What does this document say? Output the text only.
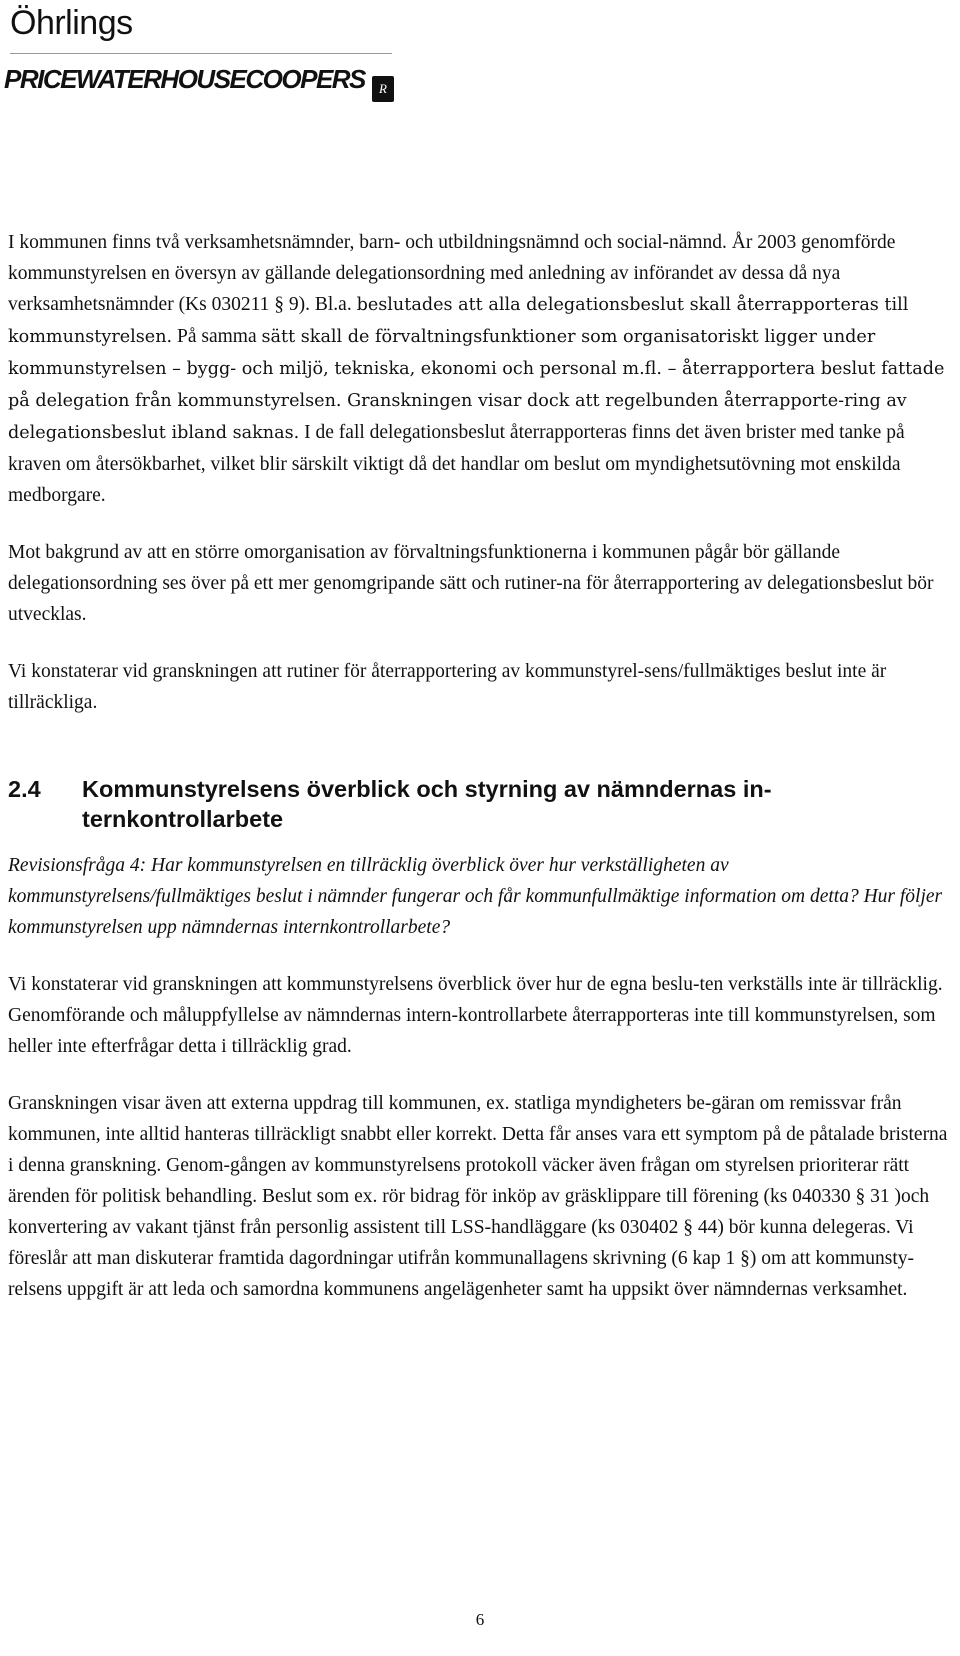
Öhrlings
PRICEWATERHOUSECOOPERS	R

I kommunen finns två verksamhetsnämnder, barn- och utbildningsnämnd och social-nämnd. År 2003 genomförde kommunstyrelsen en översyn av gällande delegationsordning med anledning av införandet av dessa då nya verksamhetsnämnder (Ks 030211 § 9). Bl.a. beslutades att alla delegationsbeslut skall återrapporteras till kommunstyrelsen. På samma sätt skall de förvaltningsfunktioner som organisatoriskt ligger under kommunstyrelsen – bygg- och miljö, tekniska, ekonomi och personal m.fl. – återrapportera beslut fattade på delegation från kommunstyrelsen. Granskningen visar dock att regelbunden återrapporte-ring av delegationsbeslut ibland saknas. I de fall delegationsbeslut återrapporteras finns det även brister med tanke på kraven om återsökbarhet, vilket blir särskilt viktigt då det handlar om beslut om myndighetsutövning mot enskilda medborgare.

Mot bakgrund av att en större omorganisation av förvaltningsfunktionerna i kommunen pågår bör gällande delegationsordning ses över på ett mer genomgripande sätt och rutiner-na för återrapportering av delegationsbeslut bör utvecklas.

Vi konstaterar vid granskningen att rutiner för återrapportering av kommunstyrel-sens/fullmäktiges beslut inte är tillräckliga.

2.4	Kommunstyrelsens överblick och styrning av nämndernas in-ternkontrollarbete

Revisionsfråga 4: Har kommunstyrelsen en tillräcklig överblick över hur verkställigheten av kommunstyrelsens/fullmäktiges beslut i nämnder fungerar och får kommunfullmäktige information om detta? Hur följer kommunstyrelsen upp nämndernas internkontrollarbete?

Vi konstaterar vid granskningen att kommunstyrelsens överblick över hur de egna beslu-ten verkställs inte är tillräcklig. Genomförande och måluppfyllelse av nämndernas intern-kontrollarbete återrapporteras inte till kommunstyrelsen, som heller inte efterfrågar detta i tillräcklig grad.

Granskningen visar även att externa uppdrag till kommunen, ex. statliga myndigheters be-gäran om remissvar från kommunen, inte alltid hanteras tillräckligt snabbt eller korrekt. Detta får anses vara ett symptom på de påtalade bristerna i denna granskning. Genom-gången av kommunstyrelsens protokoll väcker även frågan om styrelsen prioriterar rätt ärenden för politisk behandling. Beslut som ex. rör bidrag för inköp av gräsklippare till förening (ks 040330 § 31 )och konvertering av vakant tjänst från personlig assistent till LSS-handläggare (ks 030402 § 44) bör kunna delegeras. Vi föreslår att man diskuterar framtida dagordningar utifrån kommunallagens skrivning (6 kap 1 §) om att kommunsty-relsens uppgift är att leda och samordna kommunens angelägenheter samt ha uppsikt över nämndernas verksamhet.

6
